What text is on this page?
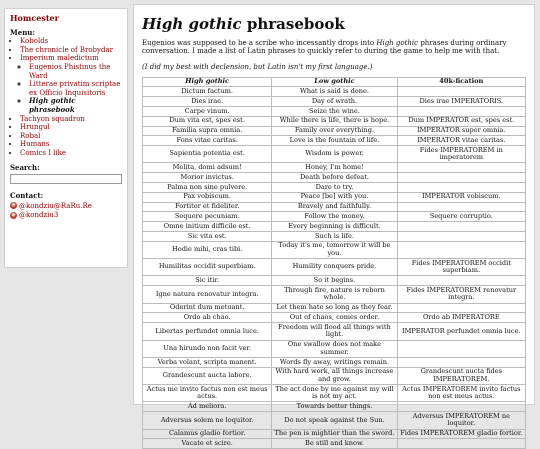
Homcester
Menu:
• Kobolds
• The chronicle of Brobydar
• Imperium maledictum
◦ Eugenios Phistinus the Ward
◦ Litterae privatim scriptae ex Officio Inquisitoris
◦ High gothic phrasebook
• Tachyon squadron
• Hrungul
• Robal
• Humans
• Comics I like
Search:
Contact:
◉ @kondziu@RaRu.Re
◉ @kondziu3
High gothic phrasebook

Eugenios was supposed to be a scribe who incessantly drops into High gothic phrases during ordinary conversation. I made a list of Latin phrases to quickly refer to during the game to help me with that.

(I did my best with declension, but Latin isn't my first language.)

High gothic	Low gothic	40k-fication
Dictum factum.	What is said is done.	
Dies irae.	Day of wrath.	Dies irae IMPERATORIS.
Carpe vinum.	Seize the wine.	
Dum vita est, spes est.	While there is life, there is hope.	Dum IMPERATOR est, spes est.
Familia supra omnia.	Family over everything.	IMPERATOR super omnia.
Fons vitae caritas.	Love is the fountain of life.	IMPERATOR vitae caritas.
Sapientia potentia est.	Wisdom is power.	Fides IMPERATOREM in imperatorem
Melita, domi adsum!	Honey, I'm home!	
Morior invictus.	Death before defeat.	
Palma non sine pulvere.	Dare to try.	
Pax vobiscum.	Peace [be] with you.	IMPERATOR vobiscum.
Fortiter et fideliter.	Bravely and faithfully.	
Sequere pecuniam.	Follow the money.	Sequere corruptio.
Omne initium difficile est.	Every beginning is difficult.	
Sic vita est.	Such is life.	
Hodie mihi, cras tibi.	Today it's me, tomorrow it will be you.	
Humilitas occidit superbiam.	Humility conquers pride.	Fides IMPERATOREM occidit superbiam.
Sic itir.	So it begins.	
Igne natura renovatur integra.	Through fire, nature is reborn whole.	Fides IMPERATOREM renovatur integra.
Oderint dum metuant.	Let them hate so long as they fear.	
Ordo ab chao.	Out of chaos, comes order.	Ordo ab IMPERATORE
Libertas perfundet omnia luce.	Freedom will flood all things with light.	IMPERATOR perfundet omnia luce.
Una hirundo non facit ver.	One swallow does not make summer.	
Verba volant, scripta manent.	Words fly away, writings remain.	
Grandescunt aucta labore.	With hard work, all things increase and grow.	Grandescunt aucta fides IMPERATOREM.
Actus me invito factus non est meus actus.	The act done by me against my will is not my act.	Actus IMPERATOREM invito factus non est meus actus.
Ad meliora.	Towards better things.	
Adversus solem ne loquitor.	Do not speak against the Sun.	Adversus IMPERATOREM ne loquitor.
Calamus gladio fortior.	The pen is mightier than the sword.	Fides IMPERATOREM gladio fortior.
Vacate et scire.	Be still and know.	
